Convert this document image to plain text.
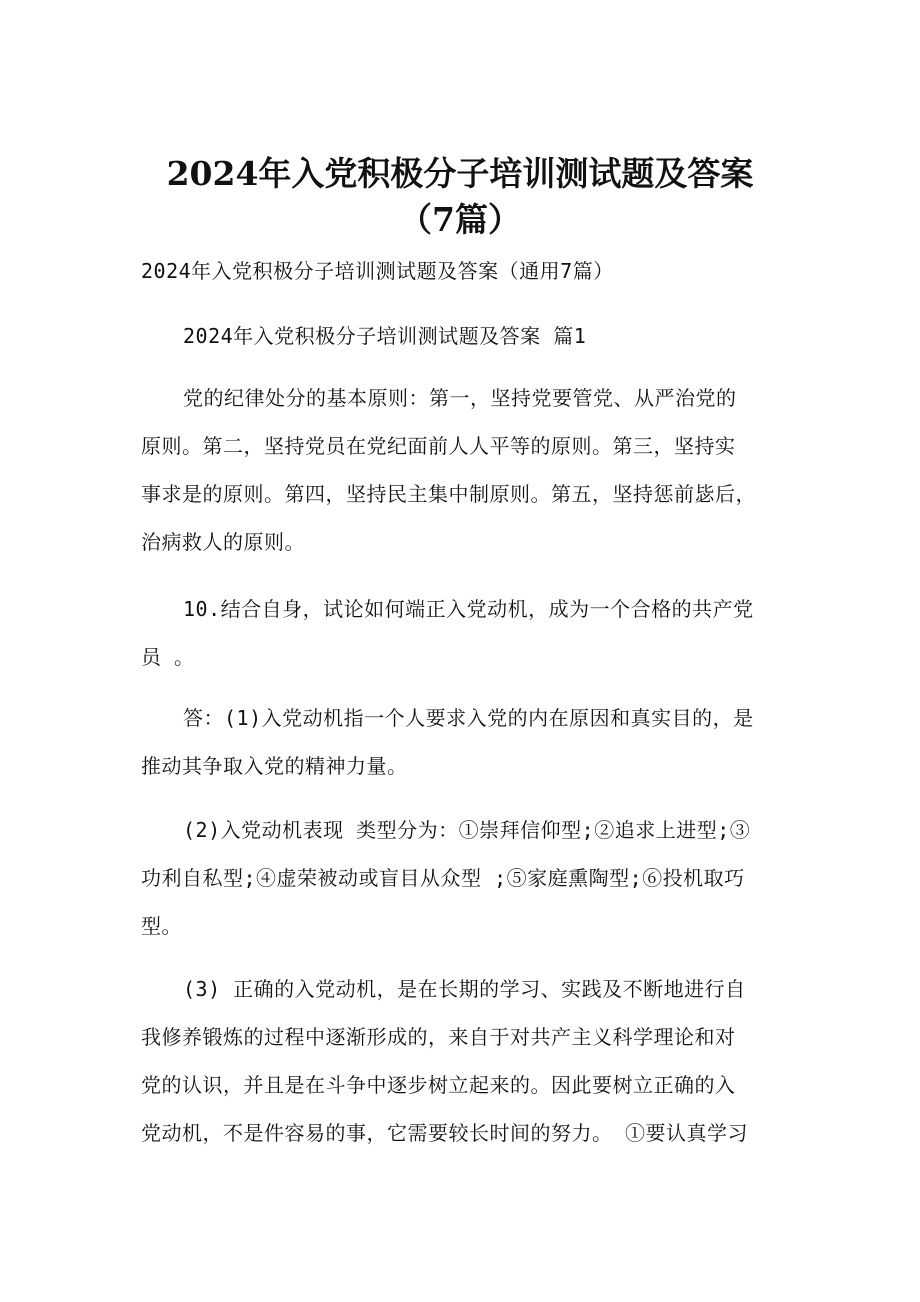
2024年入党积极分子培训测试题及答案
（7篇）
2024年入党积极分子培训测试题及答案（通用7篇）
2024年入党积极分子培训测试题及答案 篇1
党的纪律处分的基本原则：第一，坚持党要管党、从严治党的
原则。第二，坚持党员在党纪面前人人平等的原则。第三，坚持实
事求是的原则。第四，坚持民主集中制原则。第五，坚持惩前毖后，
治病救人的原则。
10.结合自身，试论如何端正入党动机，成为一个合格的共产党
员 。
答：(1)入党动机指一个人要求入党的内在原因和真实目的，是
推动其争取入党的精神力量。
(2)入党动机表现 类型分为：①崇拜信仰型;②追求上进型;③
功利自私型;④虚荣被动或盲目从众型 ;⑤家庭熏陶型;⑥投机取巧
型。
(3) 正确的入党动机，是在长期的学习、实践及不断地进行自
我修养锻炼的过程中逐渐形成的，来自于对共产主义科学理论和对
党的认识，并且是在斗争中逐步树立起来的。因此要树立正确的入
党动机，不是件容易的事，它需要较长时间的努力。 ①要认真学习
